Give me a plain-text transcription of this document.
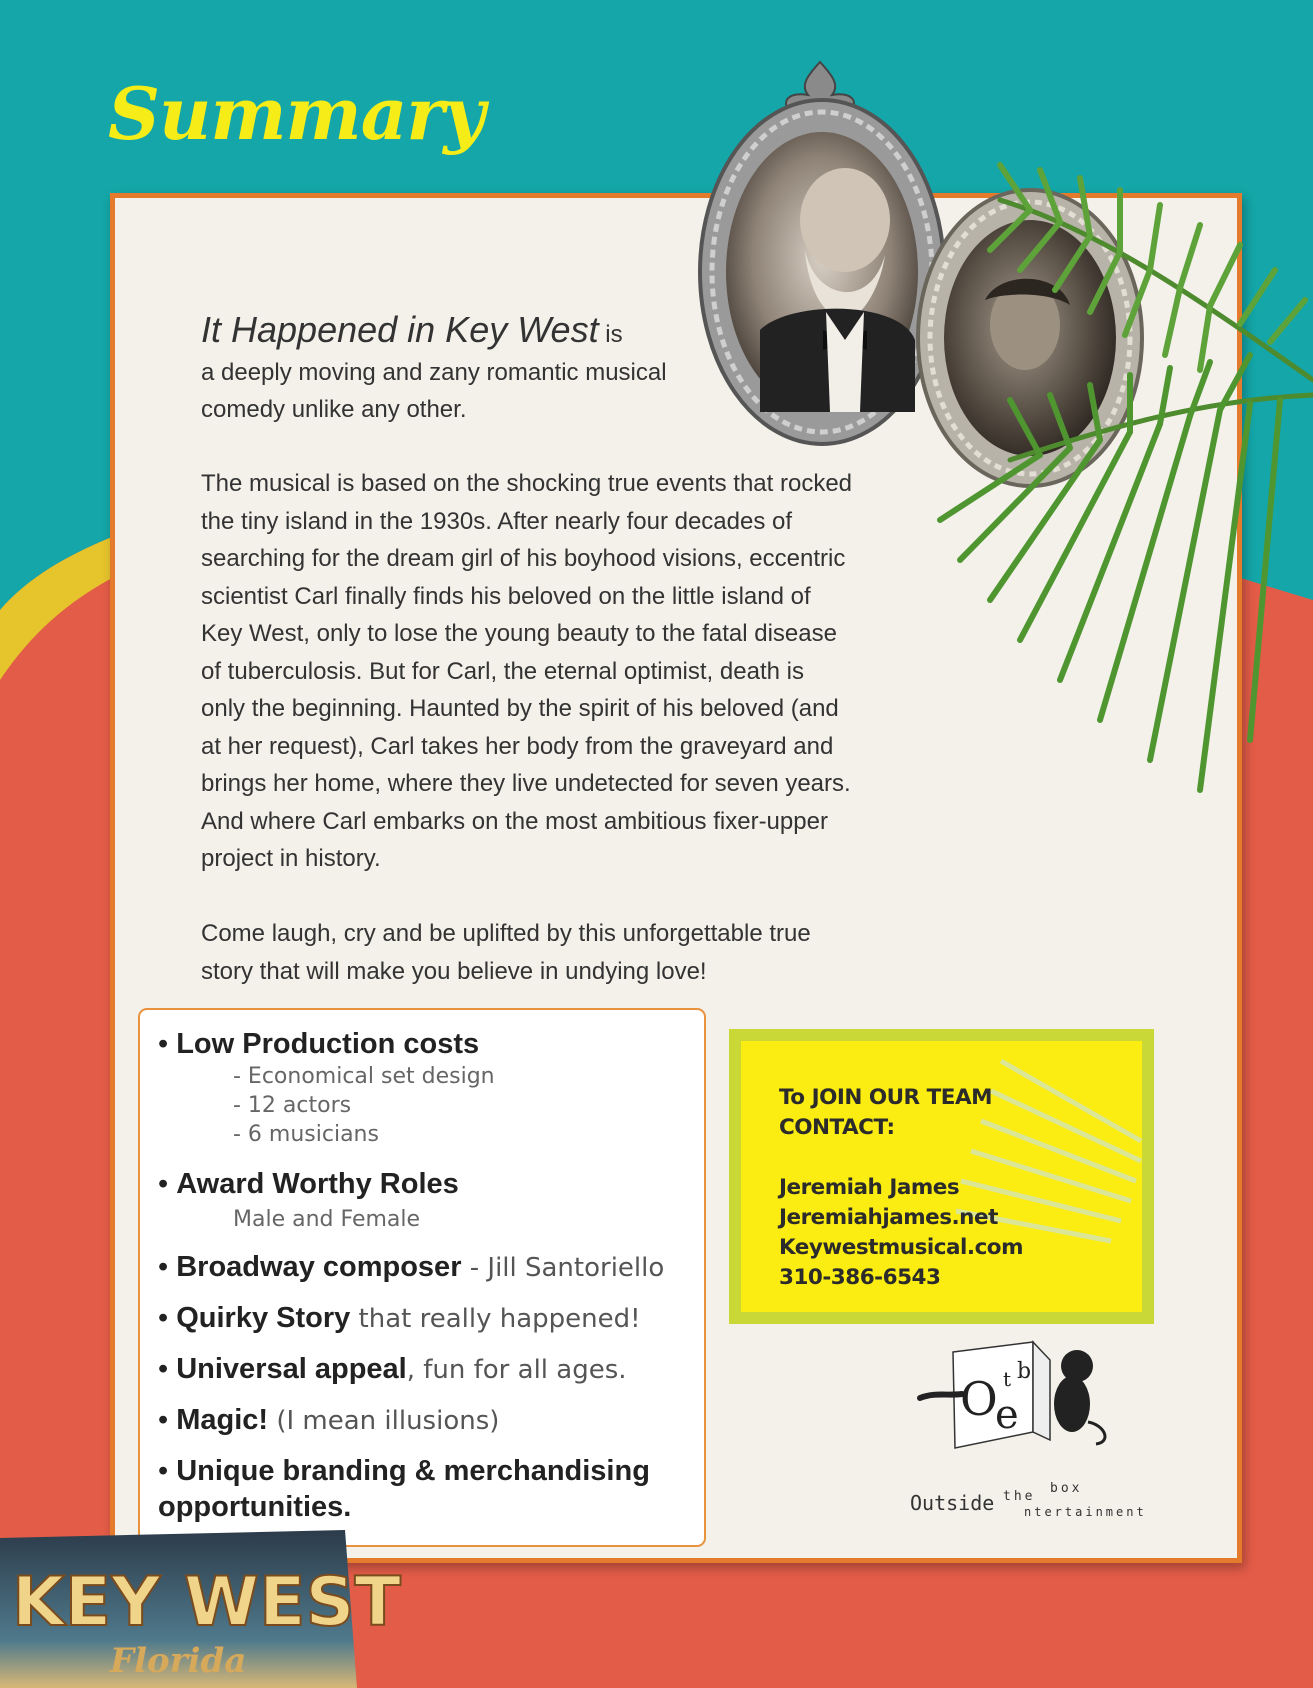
Summary
It Happened in Key West is
a deeply moving and zany romantic musical
comedy unlike any other.
The musical is based on the shocking true events that rocked
the tiny island in the 1930s. After nearly four decades of
searching for the dream girl of his boyhood visions, eccentric
scientist Carl finally finds his beloved on the little island of
Key West, only to lose the young beauty to the fatal disease
of tuberculosis. But for Carl, the eternal optimist, death is
only the beginning. Haunted by the spirit of his beloved (and
at her request), Carl takes her body from the graveyard and
brings her home, where they live undetected for seven years.
And where Carl embarks on the most ambitious fixer-upper
project in history.
Come laugh, cry and be uplifted by this unforgettable true
story that will make you believe in undying love!

• Low Production costs

- Economical set design

- 12 actors

- 6 musicians

• Award Worthy Roles

Male and Female

• Broadway composer - Jill Santoriello

• Quirky Story that really happened!

• Universal appeal, fun for all ages.

• Magic! (I mean illusions)

• Unique branding & merchandising
opportunities.

To JOIN OUR TEAM
CONTACT:
Jeremiah James
Jeremiahjames.net
Keywestmusical.com
310-386-6543
O
e
t b
Outside the
box
ntertainment
KEY WEST
Florida
